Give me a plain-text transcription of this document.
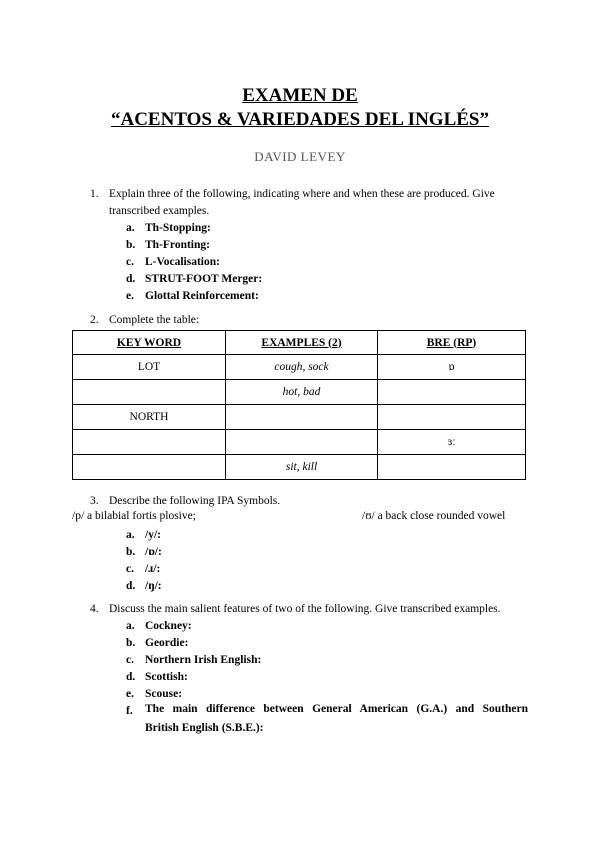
EXAMEN DE
“ACENTOS & VARIEDADES DEL INGLÉS”
DAVID LEVEY
1. Explain three of the following, indicating where and when these are produced. Give
transcribed examples.
a. Th-Stopping:
b. Th-Fronting:
c. L-Vocalisation:
d. STRUT-FOOT Merger:
e. Glottal Reinforcement:
2. Complete the table:
KEY WORD	EXAMPLES (2)	BRE (RP)
LOT	cough, sock	ɒ
	hot, bad	
NORTH		
		ɜː
	sit, kill	
3. Describe the following IPA Symbols.
/p/ a bilabial fortis plosive;	/ʊ/ a back close rounded vowel
a. /y/:
b. /ɒ/:
c. /ɹ/:
d. /ŋ/:
4. Discuss the main salient features of two of the following. Give transcribed examples.
a. Cockney:
b. Geordie:
c. Northern Irish English:
d. Scottish:
e. Scouse:
f. The main difference between General American (G.A.) and Southern
British English (S.B.E.):
